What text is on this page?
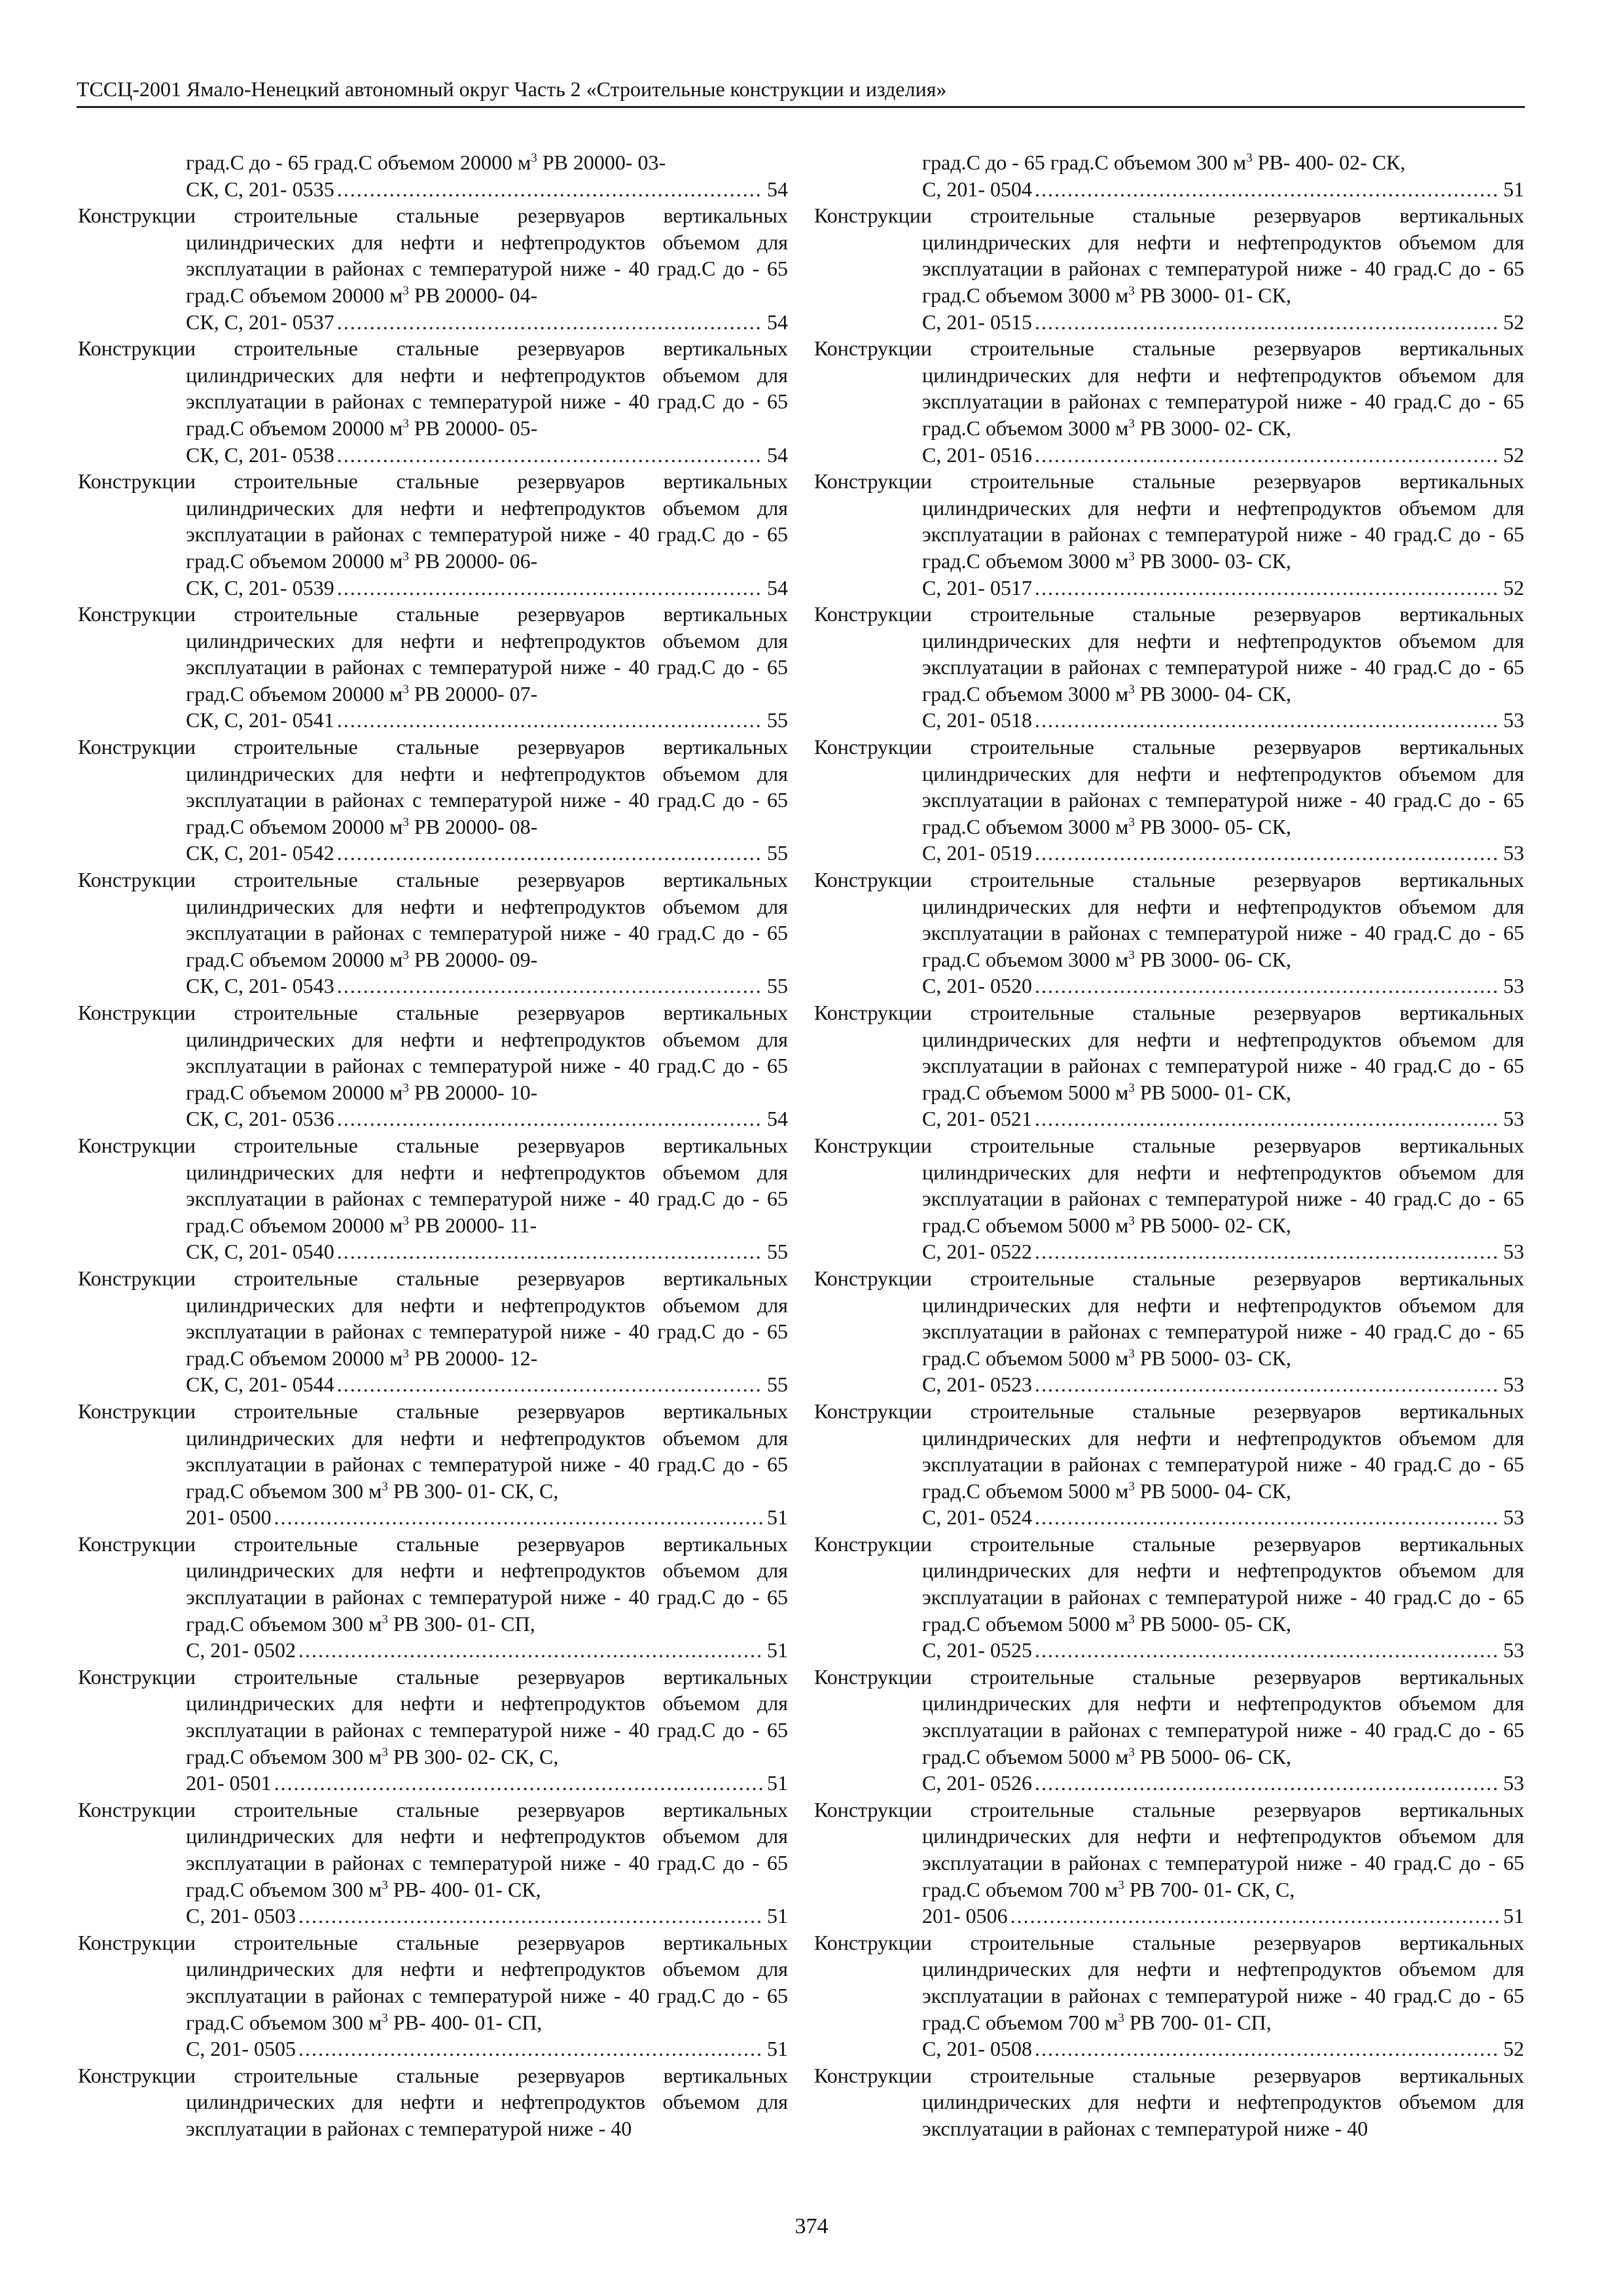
ТССЦ-2001 Ямало-Ненецкий автономный округ Часть 2 «Строительные конструкции и изделия»
град.С до - 65 град.С объемом 20000 $м^3$ РВ 20000- 03-
СК, С, 201- 0535 . . .	54
Конструкции строительные стальные резервуаров вертикальных цилиндрических для нефти и нефтепродуктов объемом для эксплуатации в районах с температурой ниже - 40 град.С до - 65 град.С объемом 20000 $м^3$ РВ 20000- 04-
СК, С, 201- 0537 . . .	54
Конструкции строительные стальные резервуаров вертикальных цилиндрических для нефти и нефтепродуктов объемом для эксплуатации в районах с температурой ниже - 40 град.С до - 65 град.С объемом 20000 $м^3$ РВ 20000- 05-
СК, С, 201- 0538 . . .	54
Конструкции строительные стальные резервуаров вертикальных цилиндрических для нефти и нефтепродуктов объемом для эксплуатации в районах с температурой ниже - 40 град.С до - 65 град.С объемом 20000 $м^3$ РВ 20000- 06-
СК, С, 201- 0539 . . .	54
Конструкции строительные стальные резервуаров вертикальных цилиндрических для нефти и нефтепродуктов объемом для эксплуатации в районах с температурой ниже - 40 град.С до - 65 град.С объемом 20000 $м^3$ РВ 20000- 07-
СК, С, 201- 0541 . . .	55
Конструкции строительные стальные резервуаров вертикальных цилиндрических для нефти и нефтепродуктов объемом для эксплуатации в районах с температурой ниже - 40 град.С до - 65 град.С объемом 20000 $м^3$ РВ 20000- 08-
СК, С, 201- 0542 . . .	55
Конструкции строительные стальные резервуаров вертикальных цилиндрических для нефти и нефтепродуктов объемом для эксплуатации в районах с температурой ниже - 40 град.С до - 65 град.С объемом 20000 $м^3$ РВ 20000- 09-
СК, С, 201- 0543 . . .	55
Конструкции строительные стальные резервуаров вертикальных цилиндрических для нефти и нефтепродуктов объемом для эксплуатации в районах с температурой ниже - 40 град.С до - 65 град.С объемом 20000 $м^3$ РВ 20000- 10-
СК, С, 201- 0536 . . .	54
Конструкции строительные стальные резервуаров вертикальных цилиндрических для нефти и нефтепродуктов объемом для эксплуатации в районах с температурой ниже - 40 град.С до - 65 град.С объемом 20000 $м^3$ РВ 20000- 11-
СК, С, 201- 0540 . . .	55
Конструкции строительные стальные резервуаров вертикальных цилиндрических для нефти и нефтепродуктов объемом для эксплуатации в районах с температурой ниже - 40 град.С до - 65 град.С объемом 20000 $м^3$ РВ 20000- 12-
СК, С, 201- 0544 . . .	55
Конструкции строительные стальные резервуаров вертикальных цилиндрических для нефти и нефтепродуктов объемом для эксплуатации в районах с температурой ниже - 40 град.С до - 65 град.С объемом 300 $м^3$ РВ 300- 01- СК, С,
201- 0500 . . .	51
Конструкции строительные стальные резервуаров вертикальных цилиндрических для нефти и нефтепродуктов объемом для эксплуатации в районах с температурой ниже - 40 град.С до - 65 град.С объемом 300 $м^3$ РВ 300- 01- СП,
С, 201- 0502 . . .	51
Конструкции строительные стальные резервуаров вертикальных цилиндрических для нефти и нефтепродуктов объемом для эксплуатации в районах с температурой ниже - 40 град.С до - 65 град.С объемом 300 $м^3$ РВ 300- 02- СК, С,
201- 0501 . . .	51
Конструкции строительные стальные резервуаров вертикальных цилиндрических для нефти и нефтепродуктов объемом для эксплуатации в районах с температурой ниже - 40 град.С до - 65 град.С объемом 300 $м^3$ РВ- 400- 01- СК,
С, 201- 0503 . . .	51
Конструкции строительные стальные резервуаров вертикальных цилиндрических для нефти и нефтепродуктов объемом для эксплуатации в районах с температурой ниже - 40 град.С до - 65 град.С объемом 300 $м^3$ РВ- 400- 01- СП,
С, 201- 0505 . . .	51
Конструкции строительные стальные резервуаров вертикальных цилиндрических для нефти и нефтепродуктов объемом для эксплуатации в районах с температурой ниже - 40
град.С до - 65 град.С объемом 300 $м^3$ РВ- 400- 02- СК,
С, 201- 0504 . . .	51
Конструкции строительные стальные резервуаров вертикальных цилиндрических для нефти и нефтепродуктов объемом для эксплуатации в районах с температурой ниже - 40 град.С до - 65 град.С объемом 3000 $м^3$ РВ 3000- 01- СК,
С, 201- 0515 . . .	52
Конструкции строительные стальные резервуаров вертикальных цилиндрических для нефти и нефтепродуктов объемом для эксплуатации в районах с температурой ниже - 40 град.С до - 65 град.С объемом 3000 $м^3$ РВ 3000- 02- СК,
С, 201- 0516 . . .	52
Конструкции строительные стальные резервуаров вертикальных цилиндрических для нефти и нефтепродуктов объемом для эксплуатации в районах с температурой ниже - 40 град.С до - 65 град.С объемом 3000 $м^3$ РВ 3000- 03- СК,
С, 201- 0517 . . .	52
Конструкции строительные стальные резервуаров вертикальных цилиндрических для нефти и нефтепродуктов объемом для эксплуатации в районах с температурой ниже - 40 град.С до - 65 град.С объемом 3000 $м^3$ РВ 3000- 04- СК,
С, 201- 0518 . . .	53
Конструкции строительные стальные резервуаров вертикальных цилиндрических для нефти и нефтепродуктов объемом для эксплуатации в районах с температурой ниже - 40 град.С до - 65 град.С объемом 3000 $м^3$ РВ 3000- 05- СК,
С, 201- 0519 . . .	53
Конструкции строительные стальные резервуаров вертикальных цилиндрических для нефти и нефтепродуктов объемом для эксплуатации в районах с температурой ниже - 40 град.С до - 65 град.С объемом 3000 $м^3$ РВ 3000- 06- СК,
С, 201- 0520 . . .	53
Конструкции строительные стальные резервуаров вертикальных цилиндрических для нефти и нефтепродуктов объемом для эксплуатации в районах с температурой ниже - 40 град.С до - 65 град.С объемом 5000 $м^3$ РВ 5000- 01- СК,
С, 201- 0521 . . .	53
Конструкции строительные стальные резервуаров вертикальных цилиндрических для нефти и нефтепродуктов объемом для эксплуатации в районах с температурой ниже - 40 град.С до - 65 град.С объемом 5000 $м^3$ РВ 5000- 02- СК,
С, 201- 0522 . . .	53
Конструкции строительные стальные резервуаров вертикальных цилиндрических для нефти и нефтепродуктов объемом для эксплуатации в районах с температурой ниже - 40 град.С до - 65 град.С объемом 5000 $м^3$ РВ 5000- 03- СК,
С, 201- 0523 . . .	53
Конструкции строительные стальные резервуаров вертикальных цилиндрических для нефти и нефтепродуктов объемом для эксплуатации в районах с температурой ниже - 40 град.С до - 65 град.С объемом 5000 $м^3$ РВ 5000- 04- СК,
С, 201- 0524 . . .	53
Конструкции строительные стальные резервуаров вертикальных цилиндрических для нефти и нефтепродуктов объемом для эксплуатации в районах с температурой ниже - 40 град.С до - 65 град.С объемом 5000 $м^3$ РВ 5000- 05- СК,
С, 201- 0525 . . .	53
Конструкции строительные стальные резервуаров вертикальных цилиндрических для нефти и нефтепродуктов объемом для эксплуатации в районах с температурой ниже - 40 град.С до - 65 град.С объемом 5000 $м^3$ РВ 5000- 06- СК,
С, 201- 0526 . . .	53
Конструкции строительные стальные резервуаров вертикальных цилиндрических для нефти и нефтепродуктов объемом для эксплуатации в районах с температурой ниже - 40 град.С до - 65 град.С объемом 700 $м^3$ РВ 700- 01- СК, С,
201- 0506 . . .	51
Конструкции строительные стальные резервуаров вертикальных цилиндрических для нефти и нефтепродуктов объемом для эксплуатации в районах с температурой ниже - 40 град.С до - 65 град.С объемом 700 $м^3$ РВ 700- 01- СП,
С, 201- 0508 . . .	52
Конструкции строительные стальные резервуаров вертикальных цилиндрических для нефти и нефтепродуктов объемом для эксплуатации в районах с температурой ниже - 40
374
